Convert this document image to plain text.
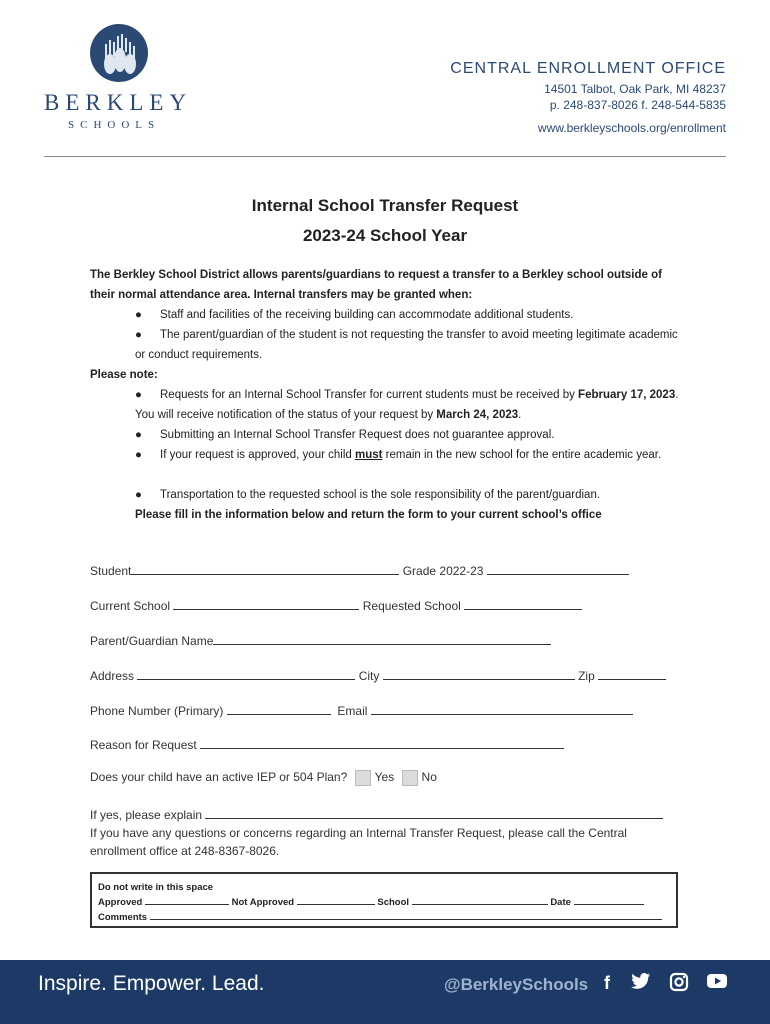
BERKLEY
SCHOOLS
CENTRAL ENROLLMENT OFFICE
14501 Talbot, Oak Park, MI 48237
p. 248-837-8026 f. 248-544-5835
www.berkleyschools.org/enrollment
Internal School Transfer Request
2023-24 School Year
The Berkley School District allows parents/guardians to request a transfer to a Berkley school outside of their normal attendance area. Internal transfers may be granted when:
● Staff and facilities of the receiving building can accommodate additional students.
● The parent/guardian of the student is not requesting the transfer to avoid meeting legitimate academic or conduct requirements.
Please note:
● Requests for an Internal School Transfer for current students must be received by February 17, 2023. You will receive notification of the status of your request by March 24, 2023.
● Submitting an Internal School Transfer Request does not guarantee approval.
● If your request is approved, your child must remain in the new school for the entire academic year.
● Transportation to the requested school is the sole responsibility of the parent/guardian.
Please fill in the information below and return the form to your current school’s office
Student	Grade 2022-23
Current School	Requested School
Parent/Guardian Name
Address	City	Zip
Phone Number (Primary)	Email
Reason for Request
Does your child have an active IEP or 504 Plan? Yes No
If yes, please explain
If you have any questions or concerns regarding an Internal Transfer Request, please call the Central enrollment office at 248-8367-8026.
Do not write in this space
Approved	Not Approved	School	Date
Comments
Inspire. Empower. Lead.	@BerkleySchools f
